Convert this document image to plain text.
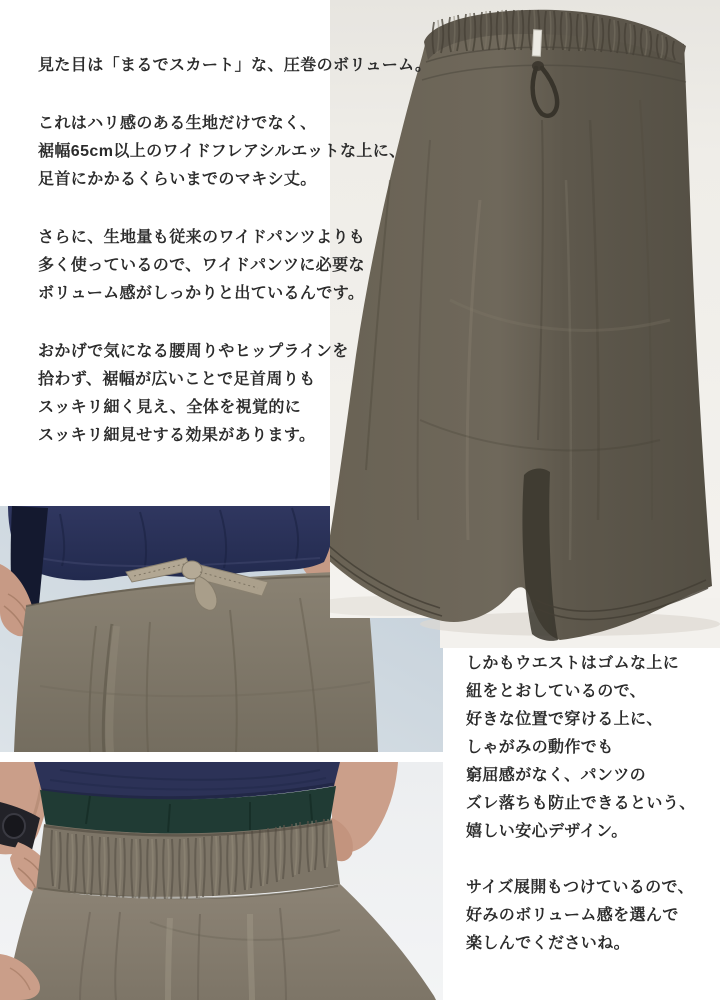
見た目は「まるでスカート」な、圧巻のボリューム。
これはハリ感のある生地だけでなく、
裾幅65cm以上のワイドフレアシルエットな上に、
足首にかかるくらいまでのマキシ丈。
さらに、生地量も従来のワイドパンツよりも
多く使っているので、ワイドパンツに必要な
ボリューム感がしっかりと出ているんです。
おかげで気になる腰周りやヒップラインを
拾わず、裾幅が広いことで足首周りも
スッキリ細く見え、全体を視覚的に
スッキリ細見せする効果があります。
しかもウエストはゴムな上に
紐をとおしているので、
好きな位置で穿ける上に、
しゃがみの動作でも
窮屈感がなく、パンツの
ズレ落ちも防止できるという、
嬉しい安心デザイン。
サイズ展開もつけているので、
好みのボリューム感を選んで
楽しんでくださいね。
